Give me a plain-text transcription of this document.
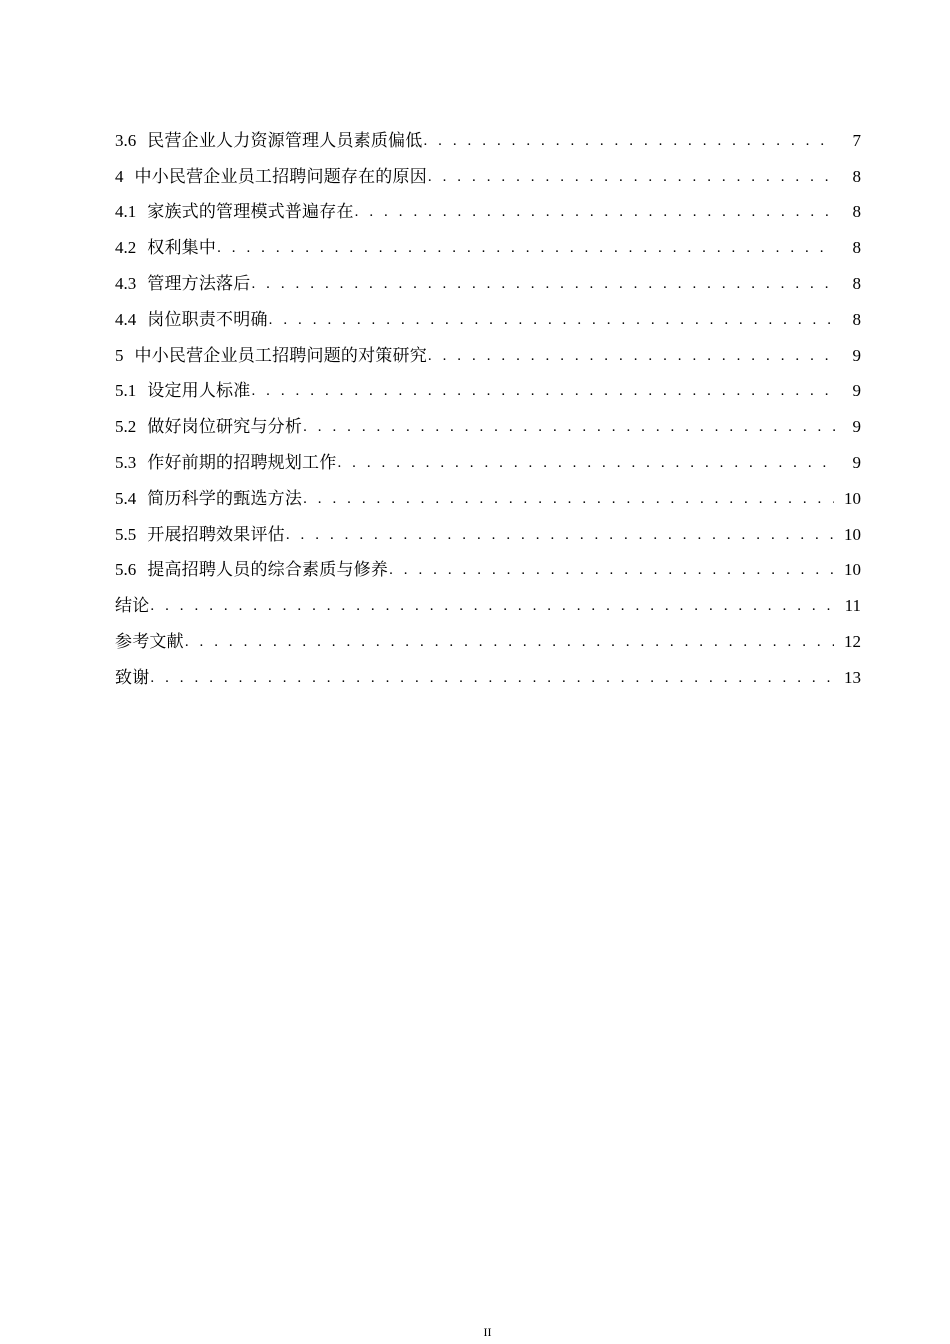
3.6 民营企业人力资源管理人员素质偏低 . . .	7
4 中小民营企业员工招聘问题存在的原因 . . .	8
4.1 家族式的管理模式普遍存在 . . .	8
4.2 权利集中 . . .	8
4.3 管理方法落后 . . .	8
4.4 岗位职责不明确 . . .	8
5 中小民营企业员工招聘问题的对策研究 . . .	9
5.1 设定用人标准 . . .	9
5.2 做好岗位研究与分析 . . .	9
5.3 作好前期的招聘规划工作 . . .	9
5.4 简历科学的甄选方法 . . .	10
5.5 开展招聘效果评估 . . .	10
5.6 提高招聘人员的综合素质与修养 . . .	10
结论 . . .	11
参考文献 . . .	12
致谢 . . .	13
II
